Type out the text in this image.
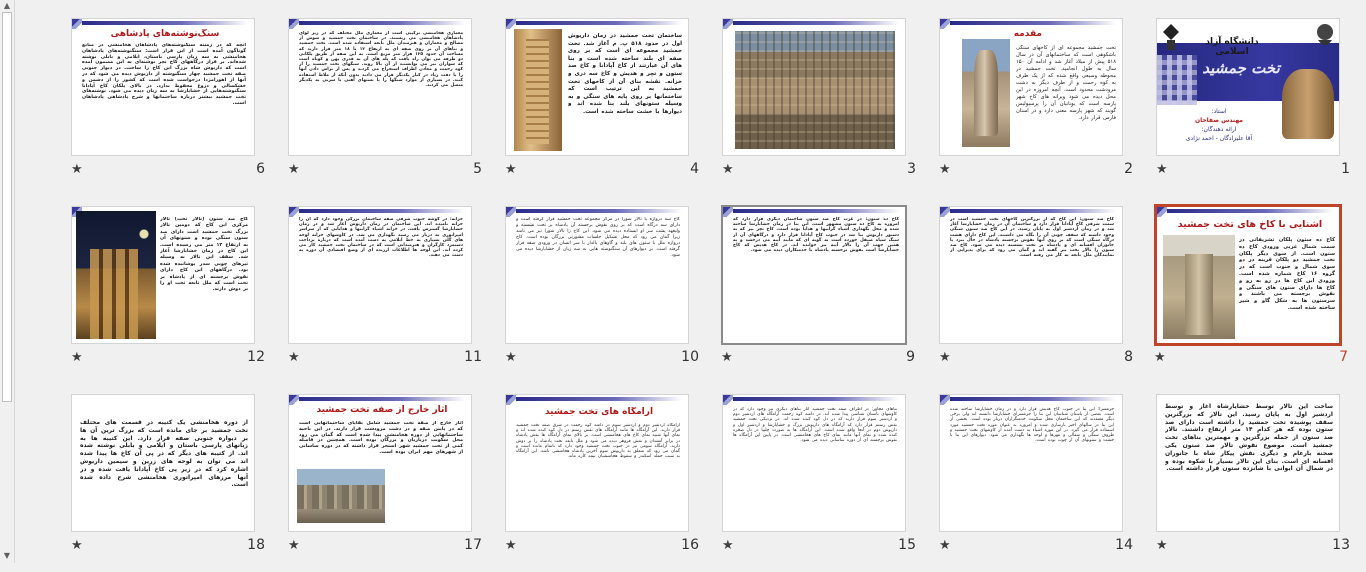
▲
▼
دانشگاه آزاد اسلامی
تخت جمشید
استاد:
مهندس صفاخان
ارائه دهندگان:
آقا علیزادگان - احمد نژادی
★	1
مقدمه
تخت جمشید مجموعه ای از کاخهای سنگی باشکوهی است که ساختمانهای آن در سال ۵۱۸ پیش از میلاد آغاز شد و ادامه آن ۱۵۰ سال به طول انجامید. تخت جمشید در محوطه وسیعی واقع شده که از یک طرف به کوه رحمت و از طرف دیگر به دشت مرودشت محدود است. آنچه امروزه در این محل دیده می شود ویرانه های کاخ شهر پارسه است که یونانیان آن را پرسپولیس گویند که شهر پارسه معنی دارد و در استان فارس قرار دارد.
★	2
★	3
ساختمان تخت جمشید در زمان داریوش اول در حدود ۵۱۸ پ. م آغاز شد. تخت جمشید مجموعه ای است که بر روی صفه ای بلند ساخته شده است و بنا های آن عبارتند از کاخ آپادانا و کاخ صد ستون و تچر و هدیش و کاخ سه دری و خزانه. نقشه بنای آن از کاخهای تخت جمشید به این ترتیب است که ساختمانها بر روی پایه های سنگی و به وسیله ستونهای بلند بنا شده اند و دیوارها با خشت ساخته شده است.
★	4
معماری هخامنشی ترکیبی است از معماری ملل مختلف که در زیر لوای پادشاهان هخامنشی می زیستند. در ساختمان تخت جمشید و شوش از مصالح و معماران و هنرمندان ملل تابعه استفاده شده است. تخت جمشید و بناهای آن بر روی صفه ای به ارتفاع ۱۲ تا ۱۸ متر قرار دارند که مساحت آن حدود ۱۲۵ هزار متر مربع است. به این صفه از طریق پلکانی دو طرفه می توان راه یافت که پله های آن به قدری پهن و کوتاه است که سواران نیز می توانستند از آن بالا روند. سنگهای تخت جمشید را از کوه رحمت و معادن اطراف استخراج می کردند و پس از تراش دادن آنها را با دقت زیاد در کنار یکدیگر قرار می دادند بدون آنکه از ملاط استفاده کنند. در بسیاری از موارد سنگها را با بستهای آهنی یا سربی به یکدیگر متصل می کردند.
★	5
سنگ‌نوشته‌های پادشاهی
آنچه که در زمینه سنگنوشته‌های پادشاهان هخامنشی در منابع گوناگون آمده است از این قرار است: سنگنوشته‌های پادشاهان هخامنشی به سه زبان پارسی باستان، ایلامی و بابلی نوشته شده‌اند. بر فراز درگاههای کاخ تچر نوشته‌ای به این مضمون آمده است که داریوش شاه بزرگ این کاخ را ساخت. در دیوار جنوبی صفه تخت جمشید چهار سنگنوشته از داریوش دیده می شود که در آنها از اهورامزدا درخواست شده است که کشور را از دشمن و خشکسالی و دروغ محفوظ بدارد. در بالای پلکان کاخ آپادانا سنگنوشته‌هایی از خشایارشا به سه زبان دیده می شود. نوشته‌های تخت جمشید بیشتر درباره ساختمانها و شرح پادشاهی پادشاهان است.
★	6
آشنایی با کاخ های تخت جمشید
کاخ ده ستون پلکان تشریفاتی در سمت شمال غربی ورودی کاخ ده ستون است. از سوی دیگر پلکان تخت جمشید دو پلکان قرینه در دو سوی شمال و جنوب است که در گروه ۱۶ کاخ شماره شده است. ورودی این کاخ ها در رو به رو و کاخ ها دارای ستون های سنگی و نقوش برجسته می باشند و سرستون ها به شکل گاو و شیر ساخته شده است.
★	7
کاخ صد ستون: این کاخ که از بزرگترین کاخهای تخت جمشید است در سمت شرقی کاخ آپادانا قرار دارد و ساختمان آن در زمان خشایارشا آغاز شد و در زمان اردشیر اول به پایان رسید. در این کاخ صد ستون سنگی وجود داشته که سقف چوبی آن را نگاه می داشتند. این کاخ دارای هشت درگاه سنگی است که بر روی آنها نقوش برجسته پادشاه در حال نبرد با جانوران افسانه ای و پادشاه بر تخت نشسته دیده می شود. کاخ صد ستون را تالار تخت نیز گفته اند و گمان می رود که برای پذیرایی از نمایندگان ملل تابعه به کار می رفته است.
★	8
کاخ ده ستون: در غرب کاخ صد ستون ساختمان دیگری قرار دارد که امروزه به کاخ ده ستون مشهور است. این بنا در زمان خشایارشا ساخته شده و محل نگهداری اشیاء گرانبها و هدایا بوده است. کاخ تچر نیز که به دستور داریوش بنا شد در جنوب کاخ آپادانا قرار دارد و درگاههای آن از سنگ سیاه صیقل خورده است به گونه ای که مانند آینه می درخشد و به همین جهت آن را تالار آینه نیز خوانده اند. در کاخ هدیش که کاخ خشایارشا است نقوش برجسته پادشاه با خدمتکاران دیده می شود.
★	9
کاخ سه دروازه یا تالار شورا در مرکز مجموعه تخت جمشید قرار گرفته است و دارای سه درگاه است که بر روی نقوش برجسته آن پادشاه بر تخت نشسته و ولیعهد پشت سر او ایستاده دیده می شود. این کاخ را تالار شورا نیز می نامند زیرا گمان می رود که محل تشکیل جلسات مشورتی بزرگان بوده است. کاخ دروازه ملل با ستون های بلند و گاوهای بالدار با سر انسان در ورودی صفه قرار گرفته است. بر دیوارهای آن سنگنوشته هایی به سه زبان از خشایارشا دیده می شود.
★	10
خزانه: در گوشه جنوب شرقی صفه ساختمان بزرگی وجود دارد که آن را خزانه نامیده اند. این ساختمان در زمان داریوش آغاز شد و در زمان خشایارشا گسترش یافت. در خزانه اشیاء گرانبها و هدایایی که از سراسر امپراتوری به دربار می رسید نگهداری می شد. در کاوشهای خزانه لوحه های گلی بسیاری به خط ایلامی به دست آمده است که درباره پرداخت دستمزد کارگران و هنرمندانی است که در ساختمان تخت جمشید کار می کرده اند. این لوحه ها اطلاعات ارزنده ای از وضع اقتصادی آن دوره به دست می دهند.
★	11
کاخ صد ستون (تالار تخت) تالار مرکزی این کاخ که دومین تالار بزرگ تخت جمشید است دارای صد ستون سنگی بوده و ستونهای آن به ارتفاع ۱۴ متر می رسیده است. این کاخ در زمان خشایارشا آغاز شد. سقف این تالار به وسیله تیرهای چوبی سدر پوشانیده شده بود. درگاههای این کاخ دارای نقوش برجسته ای از پادشاه بر تخت است که ملل تابعه تخت او را بر دوش دارند.
★	12
ساخت این تالار توسط خشایارشاه آغاز و توسط اردشیر اول به پایان رسید. این تالار که بزرگترین سقف پوشیده تخت جمشید را داشته است دارای صد ستون بوده که هر کدام ۱۴ متر ارتفاع داشتند. تالار صد ستون از جمله بزرگترین و مهمترین بناهای تخت جمشید است. موضوع نقوش تالار صد ستون یکی صحنه بارعام و دیگری نقش پیکار شاه با جانوران افسانه ای است. بنای این تالار بسیار با شکوه بوده و در شمال آن ایوانی با شانزده ستون قرار داشته است.
★	13
حرمسرا: این بنا در جنوب کاخ هدیش قرار دارد و در زمان خشایارشا ساخته شده است. بعضی از باستان شناسان این بنا را حرمسرای خشایارشا دانسته اند ولی برخی دیگر معتقدند که این ساختمان محل سکونت خدمتگزاران دربار بوده است. بخشی از این بنا در سالهای اخیر بازسازی شده و امروزه به عنوان موزه تخت جمشید مورد استفاده قرار می گیرد. در این موزه اشیاء به دست آمده از کاوشهای تخت جمشید و ظروف سنگی و سفالی و مهرها و لوحه ها نگهداری می شود. دیوارهای این بنا با خشت و ستونهای آن از چوب بوده است.
★	14
بناهای مجاور: در اطراف صفه تخت جمشید آثار بناهای دیگری نیز وجود دارد که در کاوشهای باستان شناسی پیدا شده اند. در دامنه کوه رحمت آرامگاه های اردشیر دوم و اردشیر سوم قرار دارند که در دل کوه کنده شده اند. در نزدیکی تخت جمشید نقش رستم قرار دارد که آرامگاه های داریوش بزرگ و خشایارشا و اردشیر اول و داریوش دوم در آنجا واقع شده است. این آرامگاه ها به صورت چلیپا در دل صخره کنده شده و نمای آنها مانند نمای کاخ های هخامنشی است. در پایین این آرامگاه ها نقوش برجسته ای از دوره ساسانی دیده می شود.
★	15
آرامگاه های تخت جمشید
آرامگاه اردشیر دوم و اردشیر سوم در دامنه کوه رحمت در شرق صفه تخت جمشید قرار دارند. این آرامگاه ها مانند آرامگاه های نقش رستم در دل کوه کنده شده اند و نمای آنها شبیه نمای کاخ های هخامنشی است. بر بالای نمای آرامگاه ها نقش پادشاه در برابر آتشدان و نقش فروهر دیده می شود و ملل تابعه تخت پادشاه را بر دوش دارند. آرامگاه سومی نیز در جنوب تخت جمشید وجود دارد که ناتمام مانده است و گمان می رود که متعلق به داریوش سوم آخرین پادشاه هخامنشی باشد. این آرامگاه به سبب حمله اسکندر و سقوط هخامنشیان نیمه کاره ماند.
★	16
آثار خارج از صفه تخت جمشید
آثار خارج از صفه تخت جمشید شامل بقایای ساختمانهایی است که در پایین صفه و در دشت مرودشت قرار دارند. در این ناحیه ساختمانهایی از دوره هخامنشی پیدا شده است که گمان می رود محل سکونت درباریان و بزرگان بوده است. همچنین در فاصله کمی از تخت جمشید شهر استخر قرار داشته که در دوره ساسانی از شهرهای مهم ایران بوده است.
★	17
از دوره هخامنشی یک کتیبه در قسمت های مختلف تخت جمشید بر جای مانده است که بزرگ ترین آن ها بر دیواره جنوبی صفه قرار دارد. این کتیبه ها به زبانهای پارسی باستان و ایلامی و بابلی نوشته شده اند. از کتیبه های دیگر که در پی آن کاخ ها پیدا شده اند می توان به لوحه های زرین و سیمین داریوش اشاره کرد که در زیر پی کاخ آپادانا یافت شده و در آنها مرزهای امپراتوری هخامنشی شرح داده شده است.
★	18
